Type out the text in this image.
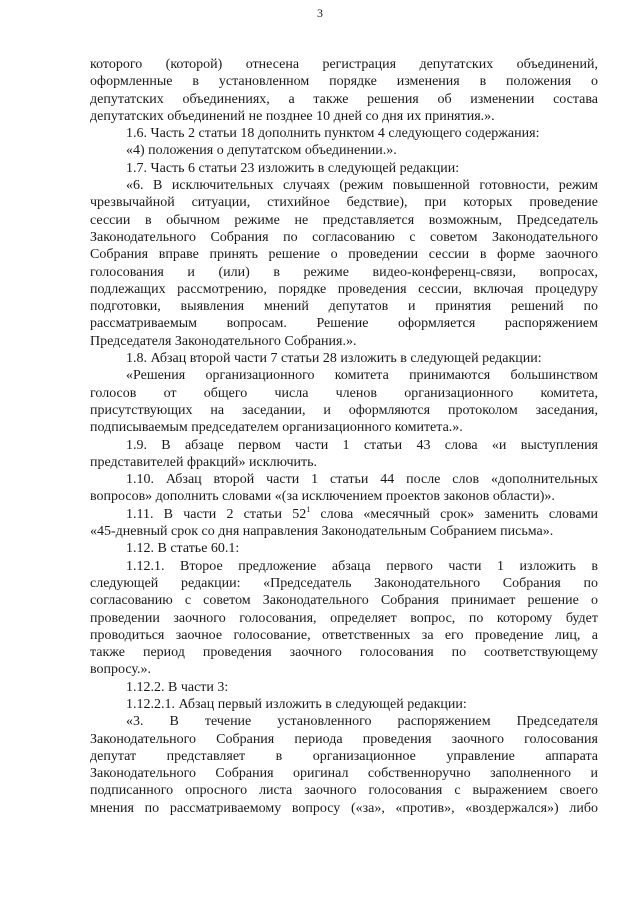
3
которого (которой) отнесена регистрация депутатских объединений,
оформленные в установленном порядке изменения в положения о
депутатских объединениях, а также решения об изменении состава
депутатских объединений не позднее 10 дней со дня их принятия.».
1.6. Часть 2 статьи 18 дополнить пунктом 4 следующего содержания:
«4) положения о депутатском объединении.».
1.7. Часть 6 статьи 23 изложить в следующей редакции:
«6. В исключительных случаях (режим повышенной готовности, режим
чрезвычайной ситуации, стихийное бедствие), при которых проведение
сессии в обычном режиме не представляется возможным, Председатель
Законодательного Собрания по согласованию с советом Законодательного
Собрания вправе принять решение о проведении сессии в форме заочного
голосования и (или) в режиме видео-конференц-связи, вопросах,
подлежащих рассмотрению, порядке проведения сессии, включая процедуру
подготовки, выявления мнений депутатов и принятия решений по
рассматриваемым вопросам. Решение оформляется распоряжением
Председателя Законодательного Собрания.».
1.8. Абзац второй части 7 статьи 28 изложить в следующей редакции:
«Решения организационного комитета принимаются большинством
голосов от общего числа членов организационного комитета,
присутствующих на заседании, и оформляются протоколом заседания,
подписываемым председателем организационного комитета.».
1.9. В абзаце первом части 1 статьи 43 слова «и выступления
представителей фракций» исключить.
1.10. Абзац второй части 1 статьи 44 после слов «дополнительных
вопросов» дополнить словами «(за исключением проектов законов области)».
1.11. В части 2 статьи $52^1$ слова «месячный срок» заменить словами
«45-дневный срок со дня направления Законодательным Собранием письма».
1.12. В статье 60.1:
1.12.1. Второе предложение абзаца первого части 1 изложить в
следующей редакции: «Председатель Законодательного Собрания по
согласованию с советом Законодательного Собрания принимает решение о
проведении заочного голосования, определяет вопрос, по которому будет
проводиться заочное голосование, ответственных за его проведение лиц, а
также период проведения заочного голосования по соответствующему
вопросу.».
1.12.2. В части 3:
1.12.2.1. Абзац первый изложить в следующей редакции:
«3. В течение установленного распоряжением Председателя
Законодательного Собрания периода проведения заочного голосования
депутат представляет в организационное управление аппарата
Законодательного Собрания оригинал собственноручно заполненного и
подписанного опросного листа заочного голосования с выражением своего
мнения по рассматриваемому вопросу («за», «против», «воздержался») либо
